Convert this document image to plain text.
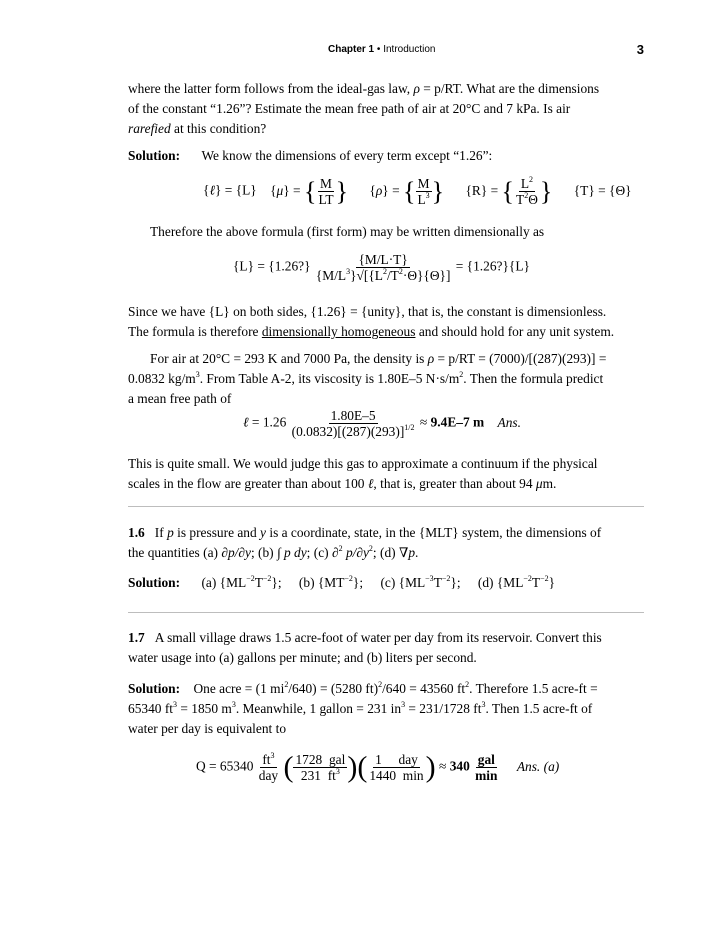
Chapter 1 • Introduction	3
where the latter form follows from the ideal-gas law, ρ = p/RT. What are the dimensions
of the constant “1.26”? Estimate the mean free path of air at 20°C and 7 kPa. Is air
rarefied at this condition?
Solution: We know the dimensions of every term except “1.26”:
{ℓ} = {L} {μ} = { $\frac{M}{LT}$ } {ρ} = { $\frac{M}{L^3}$ } {R} = { $\frac{L^2}{T^2\Theta}$ } {T} = {Θ}
Therefore the above formula (first form) may be written dimensionally as
{L} = {1.26?} $\frac{\{M/L\cdot T\}}{\{M/L^3\}√[\{L^2/T^2\cdot\Theta\}\{\Theta\}]}$ = {1.26?}{L}
Since we have {L} on both sides, {1.26} = {unity}, that is, the constant is dimensionless.
The formula is therefore dimensionally homogeneous and should hold for any unit system.
For air at 20°C = 293 K and 7000 Pa, the density is ρ = p/RT = (7000)/[(287)(293)] =
0.0832 $kg/m^3$. From Table A-2, its viscosity is 1.80E–5 $N\cdot s/m^2$. Then the formula predict
a mean free path of
ℓ = $1.26 \frac{1.80E-5}{(0.0832)[(287)(293)]^{1/2}} \approx 9.4E-7$ m Ans.
This is quite small. We would judge this gas to approximate a continuum if the physical
scales in the flow are greater than about 100 ℓ, that is, greater than about 94 μm.
1.6   If p is pressure and y is a coordinate, state, in the {MLT} system, the dimensions of
the quantities (a) ∂p/∂y; (b) ∫ p dy; (c) ∂$^2$ $p/\partial y^2$; (d) ∇p.
Solution: (a) $\{ML^{-2}T^{-2}\}$; (b) $\{MT^{-2}\}$; (c) $\{ML^{-3}T^{-2}\}$; (d) $\{ML^{-2}T^{-2}\}$
1.7 A small village draws 1.5 acre-foot of water per day from its reservoir. Convert this
water usage into (a) gallons per minute; and (b) liters per second.
Solution:    One acre = (1 $mi^2/640) = (5280$ ft)$^2$/640 = 43560 $ft^2$. Therefore 1.5 acre-ft =
65340 $ft^3 = 1850$ $m^3$. Meanwhile, 1 gallon = 231 $in^3 = 231/1728$ $ft^3$. Then 1.5 acre-ft of
water per day is equivalent to
$Q = 65340 \frac{ft^3}{\text{day}}$ ( $\frac{\text{1728  gal}}{231 ft^3}$ )( $\frac{\text{1     day}}{1440 \min}$ ) ≈ $340 \frac{\text{gal}}{\min}$ Ans. (a)
